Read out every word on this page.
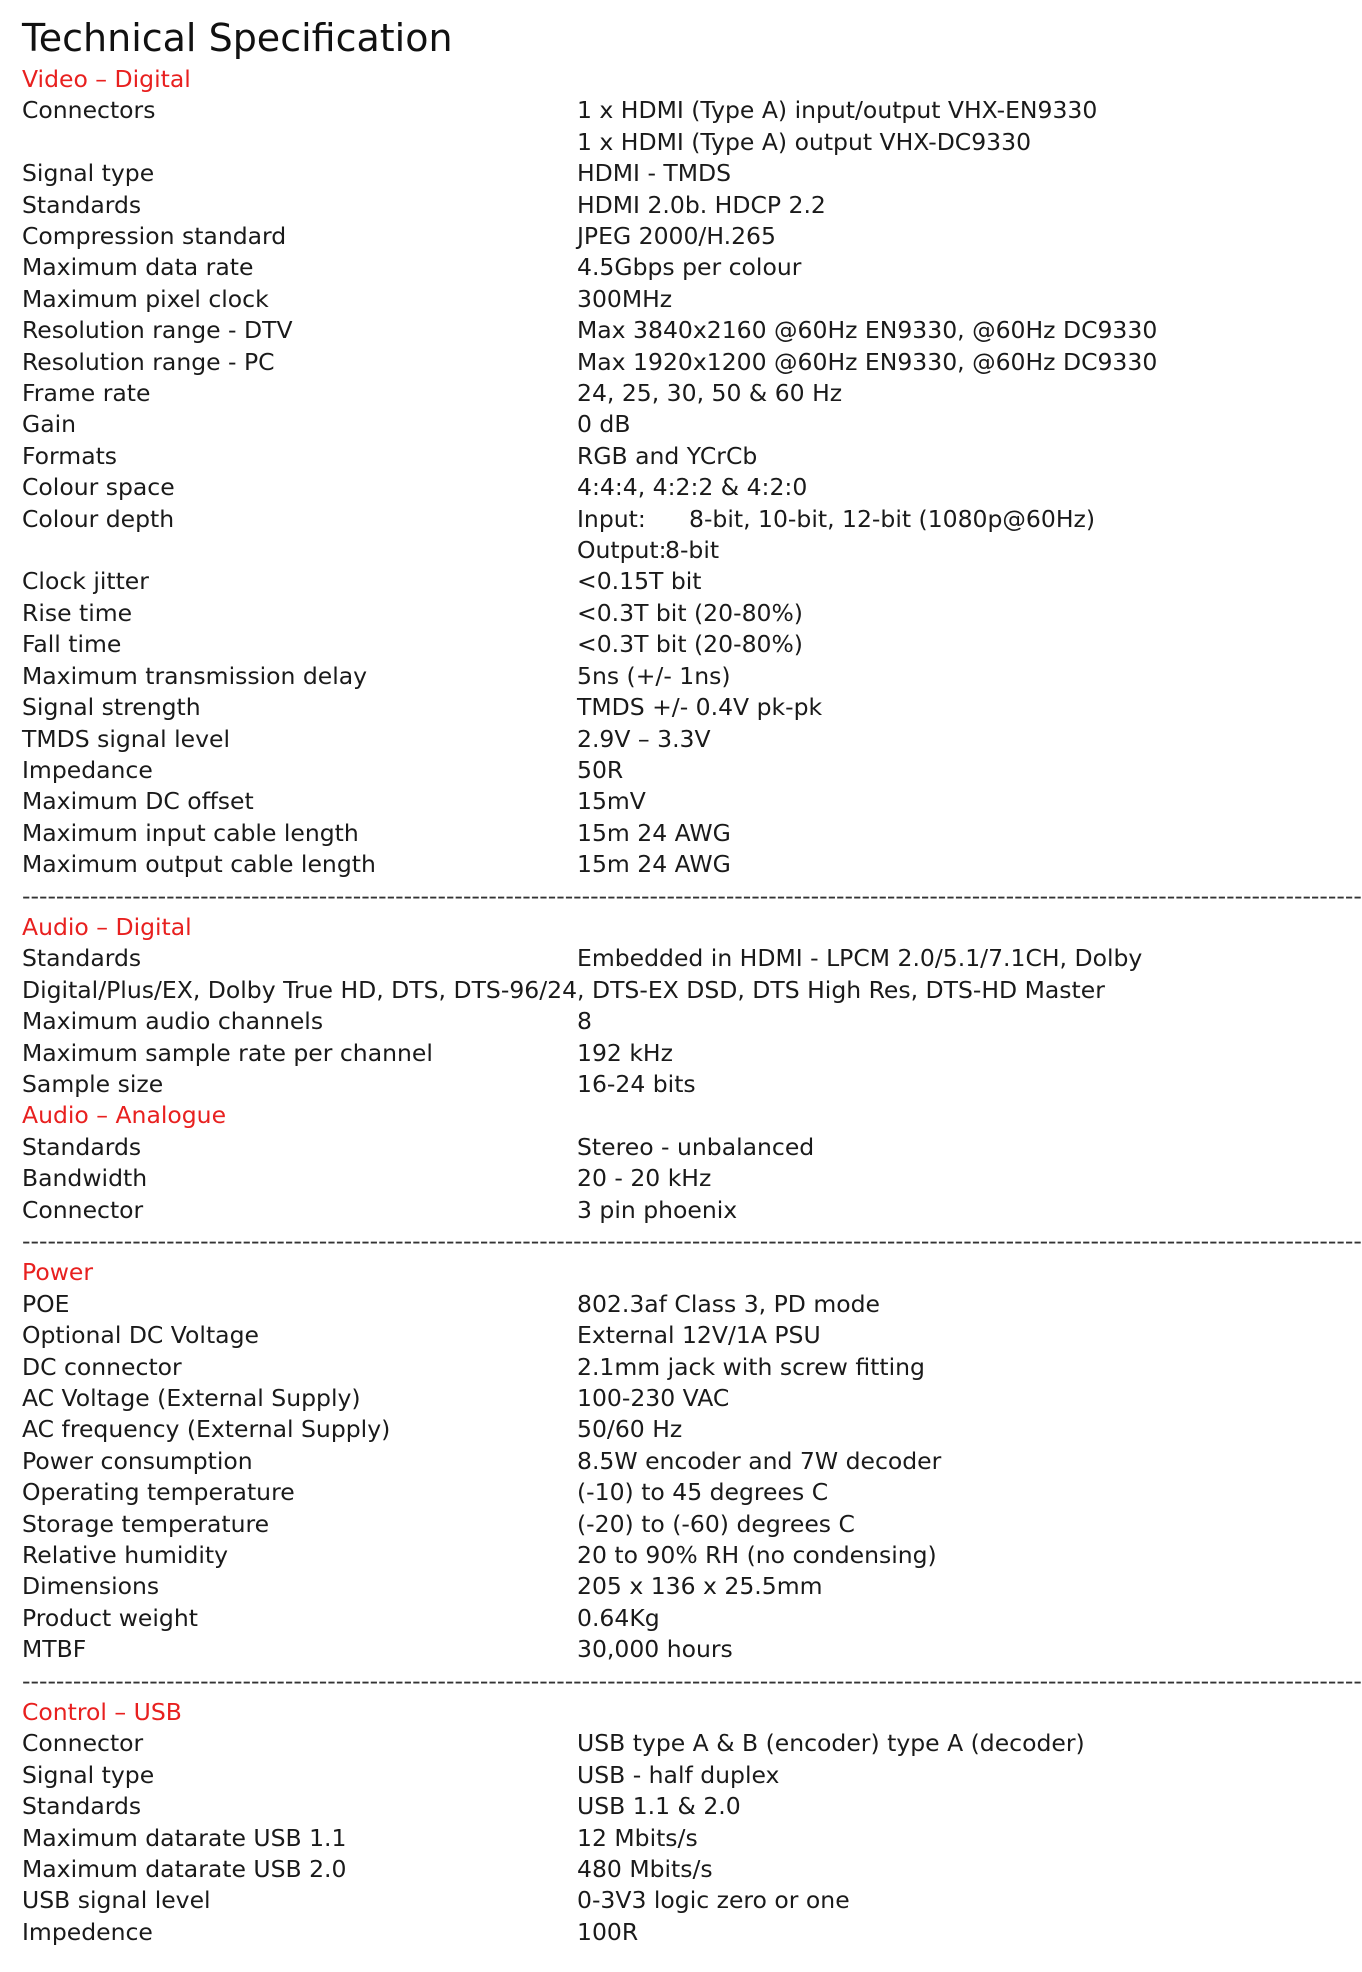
Technical Specification
Video – Digital
Connectors	1 x HDMI (Type A) input/output VHX-EN9330
1 x HDMI (Type A) output VHX-DC9330
Signal type	HDMI - TMDS
Standards	HDMI 2.0b. HDCP 2.2
Compression standard	JPEG 2000/H.265
Maximum data rate	4.5Gbps per colour
Maximum pixel clock	300MHz
Resolution range - DTV	Max 3840x2160 @60Hz EN9330, @60Hz DC9330
Resolution range - PC	Max 1920x1200 @60Hz EN9330, @60Hz DC9330
Frame rate	24, 25, 30, 50 & 60 Hz
Gain	0 dB
Formats	RGB and YCrCb
Colour space	4:4:4, 4:2:2 & 4:2:0
Colour depth	Input: 8-bit, 10-bit, 12-bit (1080p@60Hz)
Output:8-bit
Clock jitter	<0.15T bit
Rise time	<0.3T bit (20-80%)
Fall time	<0.3T bit (20-80%)
Maximum transmission delay	5ns (+/- 1ns)
Signal strength	TMDS +/- 0.4V pk-pk
TMDS signal level	2.9V – 3.3V
Impedance	50R
Maximum DC offset	15mV
Maximum input cable length	15m 24 AWG
Maximum output cable length	15m 24 AWG
--------------------------------------------------------------------------------------------------------------------------------------------------------------
Audio – Digital
Standards	Embedded in HDMI - LPCM 2.0/5.1/7.1CH, Dolby
Digital/Plus/EX, Dolby True HD, DTS, DTS-96/24, DTS-EX DSD, DTS High Res, DTS-HD Master
Maximum audio channels	8
Maximum sample rate per channel	192 kHz
Sample size	16-24 bits
Audio – Analogue
Standards	Stereo - unbalanced
Bandwidth	20 - 20 kHz
Connector	3 pin phoenix
--------------------------------------------------------------------------------------------------------------------------------------------------------------
Power
POE	802.3af Class 3, PD mode
Optional DC Voltage	External 12V/1A PSU
DC connector	2.1mm jack with screw fitting
AC Voltage (External Supply)	100-230 VAC
AC frequency (External Supply)	50/60 Hz
Power consumption	8.5W encoder and 7W decoder
Operating temperature	(-10) to 45 degrees C
Storage temperature	(-20) to (-60) degrees C
Relative humidity	20 to 90% RH (no condensing)
Dimensions	205 x 136 x 25.5mm
Product weight	0.64Kg
MTBF	30,000 hours
--------------------------------------------------------------------------------------------------------------------------------------------------------------
Control – USB
Connector	USB type A & B (encoder) type A (decoder)
Signal type	USB - half duplex
Standards	USB 1.1 & 2.0
Maximum datarate USB 1.1	12 Mbits/s
Maximum datarate USB 2.0	480 Mbits/s
USB signal level	0-3V3 logic zero or one
Impedence	100R
